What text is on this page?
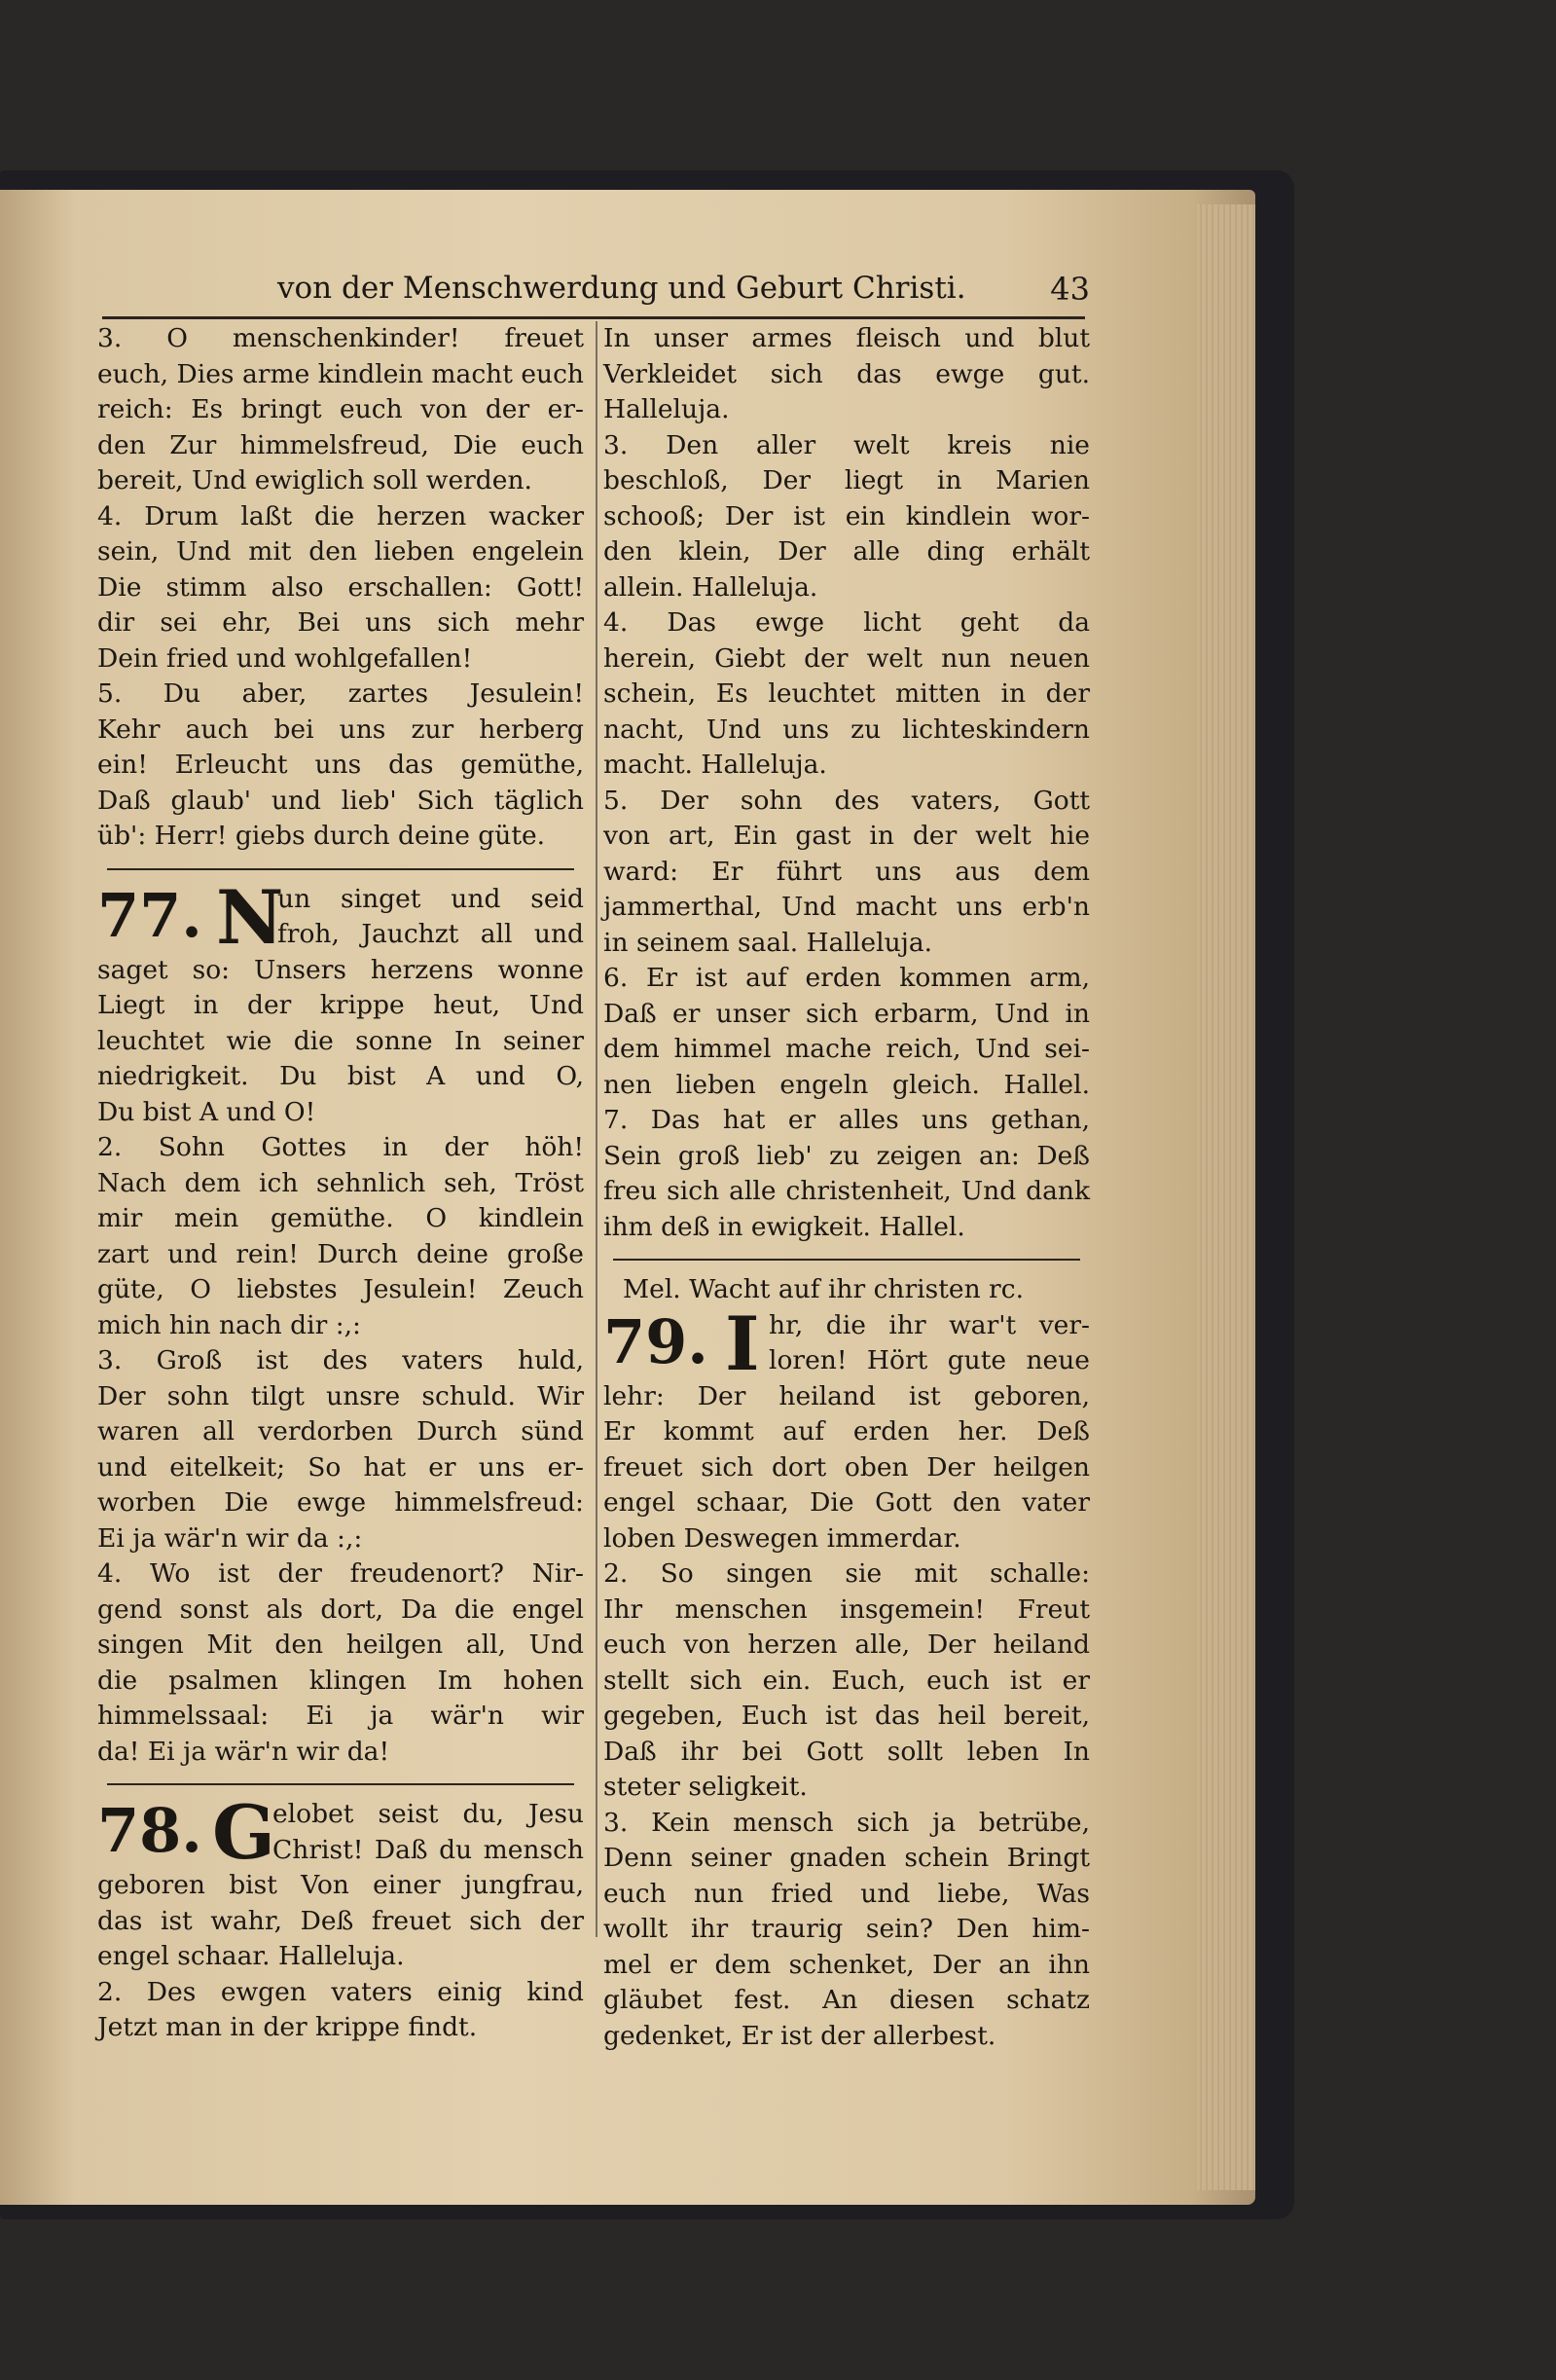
von der Menschwerdung und Geburt Christi.	43
3. O menschenkinder! freuet
euch, Dies arme kindlein macht euch
reich: Es bringt euch von der er-
den Zur himmelsfreud, Die euch
bereit, Und ewiglich soll werden.
4. Drum laßt die herzen wacker
sein, Und mit den lieben engelein
Die stimm also erschallen: Gott!
dir sei ehr, Bei uns sich mehr
Dein fried und wohlgefallen!
5. Du aber, zartes Jesulein!
Kehr auch bei uns zur herberg
ein! Erleucht uns das gemüthe,
Daß glaub' und lieb' Sich täglich
üb': Herr! giebs durch deine güte.
77. N
un singet und seid
froh, Jauchzt all und
saget so: Unsers herzens wonne
Liegt in der krippe heut, Und
leuchtet wie die sonne In seiner
niedrigkeit. Du bist A und O,
Du bist A und O!
2. Sohn Gottes in der höh!
Nach dem ich sehnlich seh, Tröst
mir mein gemüthe. O kindlein
zart und rein! Durch deine große
güte, O liebstes Jesulein! Zeuch
mich hin nach dir :,:
3. Groß ist des vaters huld,
Der sohn tilgt unsre schuld. Wir
waren all verdorben Durch sünd
und eitelkeit; So hat er uns er-
worben Die ewge himmelsfreud:
Ei ja wär'n wir da :,:
4. Wo ist der freudenort? Nir-
gend sonst als dort, Da die engel
singen Mit den heilgen all, Und
die psalmen klingen Im hohen
himmelssaal: Ei ja wär'n wir
da! Ei ja wär'n wir da!
78. G
elobet seist du, Jesu
Christ! Daß du mensch
geboren bist Von einer jungfrau,
das ist wahr, Deß freuet sich der
engel schaar. Halleluja.
2. Des ewgen vaters einig kind
Jetzt man in der krippe findt.
In unser armes fleisch und blut
Verkleidet sich das ewge gut.
Halleluja.
3. Den aller welt kreis nie
beschloß, Der liegt in Marien
schooß; Der ist ein kindlein wor-
den klein, Der alle ding erhält
allein. Halleluja.
4. Das ewge licht geht da
herein, Giebt der welt nun neuen
schein, Es leuchtet mitten in der
nacht, Und uns zu lichteskindern
macht. Halleluja.
5. Der sohn des vaters, Gott
von art, Ein gast in der welt hie
ward: Er führt uns aus dem
jammerthal, Und macht uns erb'n
in seinem saal. Halleluja.
6. Er ist auf erden kommen arm,
Daß er unser sich erbarm, Und in
dem himmel mache reich, Und sei-
nen lieben engeln gleich. Hallel.
7. Das hat er alles uns gethan,
Sein groß lieb' zu zeigen an: Deß
freu sich alle christenheit, Und dank
ihm deß in ewigkeit. Hallel.
Mel. Wacht auf ihr christen rc.
79. I hr, die ihr war't ver-
loren! Hört gute neue
lehr: Der heiland ist geboren,
Er kommt auf erden her. Deß
freuet sich dort oben Der heilgen
engel schaar, Die Gott den vater
loben Deswegen immerdar.
2. So singen sie mit schalle:
Ihr menschen insgemein! Freut
euch von herzen alle, Der heiland
stellt sich ein. Euch, euch ist er
gegeben, Euch ist das heil bereit,
Daß ihr bei Gott sollt leben In
steter seligkeit.
3. Kein mensch sich ja betrübe,
Denn seiner gnaden schein Bringt
euch nun fried und liebe, Was
wollt ihr traurig sein? Den him-
mel er dem schenket, Der an ihn
gläubet fest. An diesen schatz
gedenket, Er ist der allerbest.
